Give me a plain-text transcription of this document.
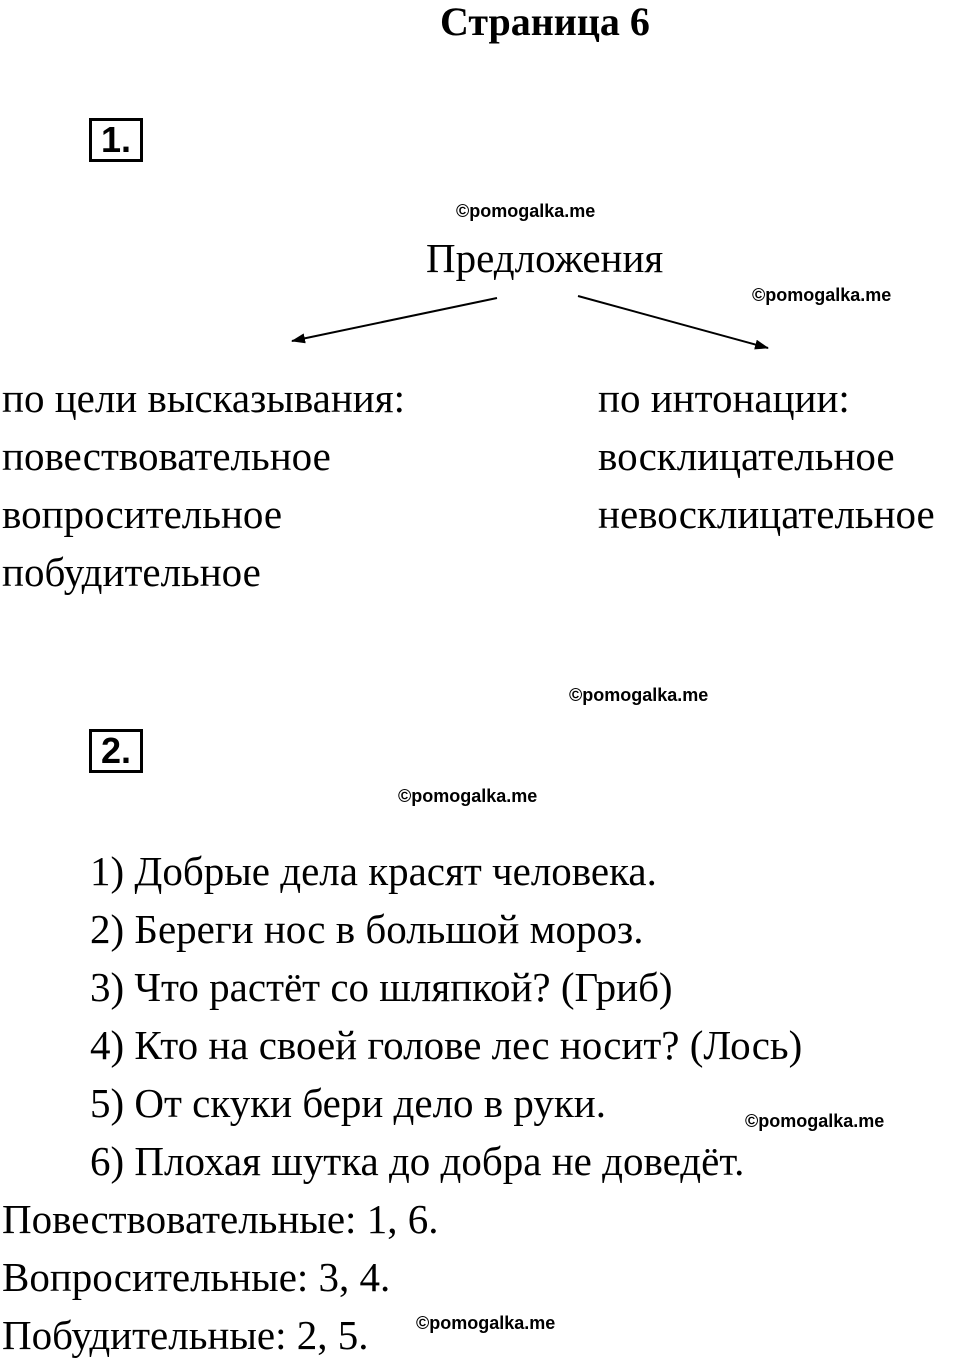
Страница 6
1.
©pomogalka.me
Предложения
©pomogalka.me
по цели высказывания:
повествовательное
вопросительное
побудительное
по интонации:
восклицательное
невосклицательное
©pomogalka.me
2.
©pomogalka.me
1) Добрые дела красят человека.
2) Береги нос в большой мороз.
3) Что растёт со шляпкой? (Гриб)
4) Кто на своей голове лес носит? (Лось)
5) От скуки бери дело в руки.	©pomogalka.me
6) Плохая шутка до добра не доведёт.
Повествовательные: 1, 6.
Вопросительные: 3, 4.
Побудительные: 2, 5.	©pomogalka.me
